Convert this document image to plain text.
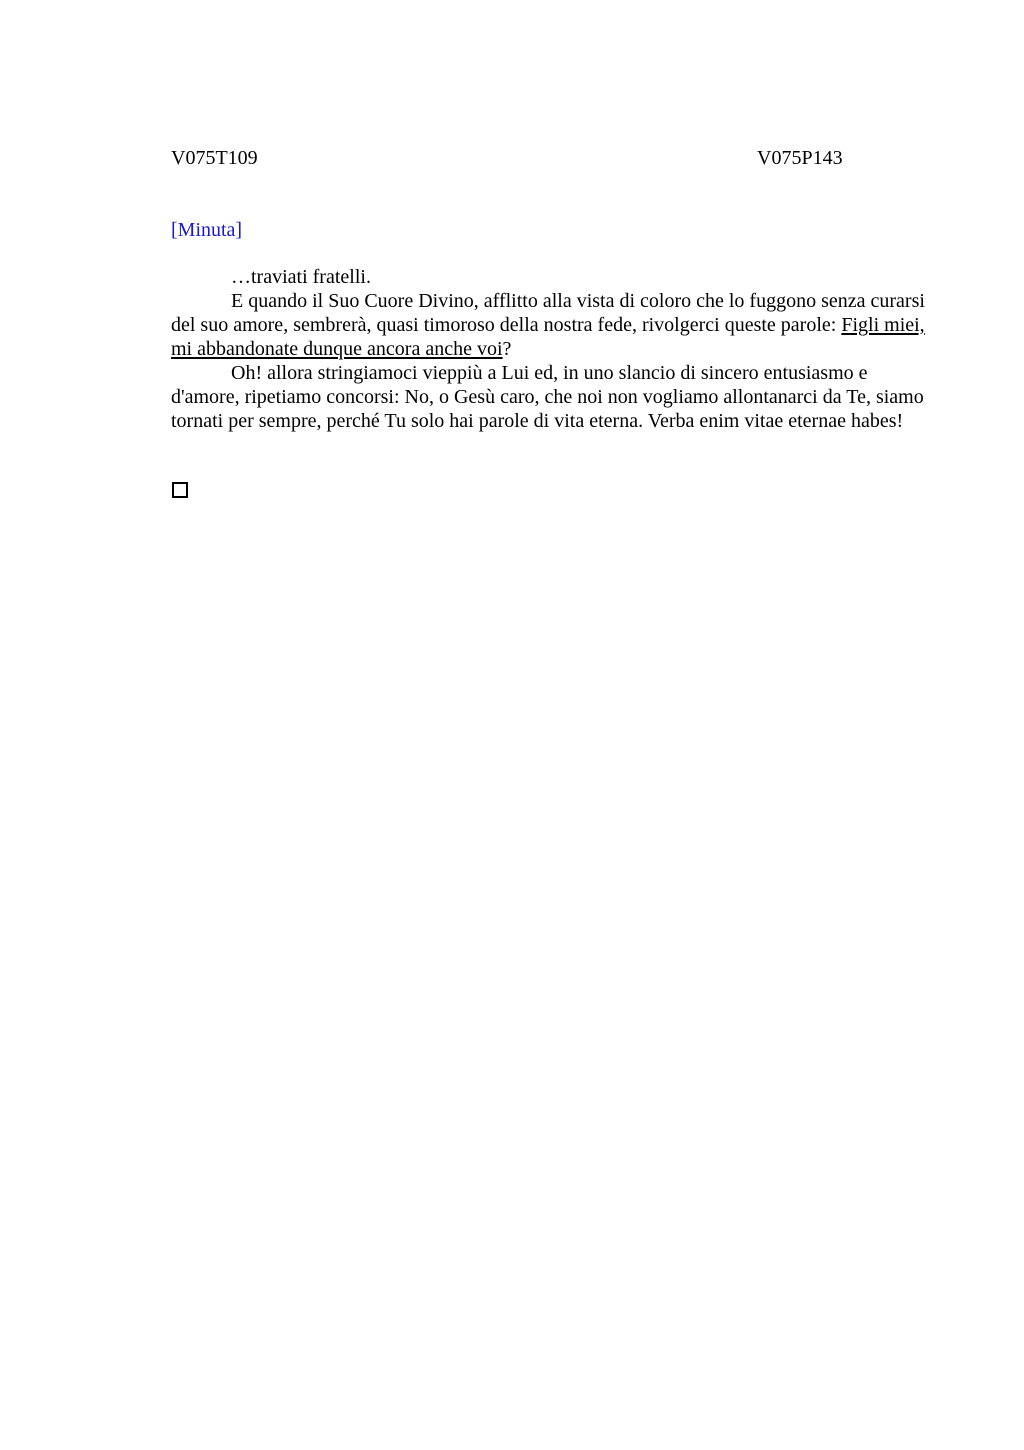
V075T109	V075P143
[Minuta]

…traviati fratelli.

E quando il Suo Cuore Divino, afflitto alla vista di coloro che lo fuggono senza curarsi del suo amore, sembrerà, quasi timoroso della nostra fede, rivolgerci queste parole: Figli miei, mi abbandonate dunque ancora anche voi?

Oh! allora stringiamoci vieppiù a Lui ed, in uno slancio di sincero entusiasmo e d'amore, ripetiamo concorsi: No, o Gesù caro, che noi non vogliamo allontanarci da Te, siamo tornati per sempre, perché Tu solo hai parole di vita eterna. Verba enim vitae eternae habes!
